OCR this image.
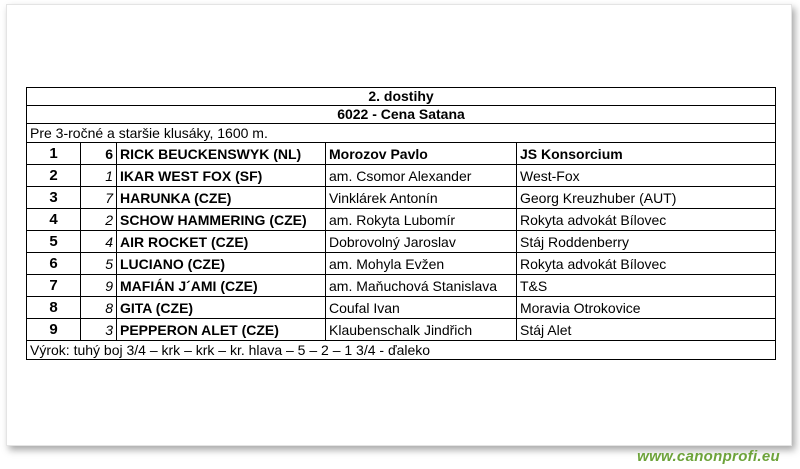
2. dostihy				
6022 - Cena Satana				
Pre 3-ročné a staršie klusáky, 1600 m.				
1	6	RICK BEUCKENSWYK (NL)	Morozov Pavlo	JS Konsorcium
2	1	IKAR WEST FOX (SF)	am. Csomor Alexander	West-Fox
3	7	HARUNKA (CZE)	Vinklárek Antonín	Georg Kreuzhuber (AUT)
4	2	SCHOW HAMMERING (CZE)	am. Rokyta Lubomír	Rokyta advokát Bílovec
5	4	AIR ROCKET (CZE)	Dobrovolný Jaroslav	Stáj Roddenberry
6	5	LUCIANO (CZE)	am. Mohyla Evžen	Rokyta advokát Bílovec
7	9	MAFIÁN J´AMI (CZE)	am. Maňuchová Stanislava	T&S
8	8	GITA (CZE)	Coufal Ivan	Moravia Otrokovice
9	3	PEPPERON ALET (CZE)	Klaubenschalk Jindřich	Stáj Alet
Výrok: tuhý boj 3/4 – krk – krk – kr. hlava – 5 – 2 – 1 3/4 - ďaleko				
www.canonprofi.eu
